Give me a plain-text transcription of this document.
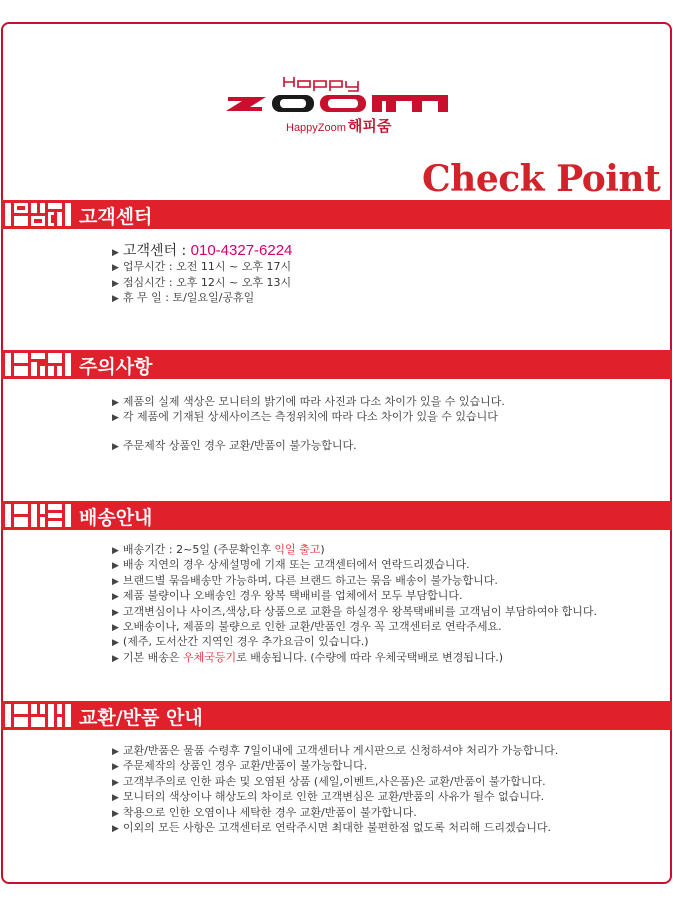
HappyZoom 해피줌
Check Point
고객센터
▶ 고객센터 : 010-4327-6224
▶ 업무시간 : 오전 11시 ~ 오후 17시
▶ 점심시간 : 오후 12시 ~ 오후 13시
▶ 휴 무 일 : 토/일요일/공휴일
주의사항
▶ 제품의 실제 색상은 모니터의 밝기에 따라 사진과 다소 차이가 있을 수 있습니다.
▶ 각 제품에 기재된 상세사이즈는 측정위치에 따라 다소 차이가 있을 수 있습니다
▶ 주문제작 상품인 경우 교환/반품이 불가능합니다.
배송안내
▶ 배송기간 : 2~5일 (주문확인후 익일 출고)
▶ 배송 지연의 경우 상세설명에 기재 또는 고객센터에서 연락드리겠습니다.
▶ 브랜드별 묶음배송만 가능하며, 다른 브랜드 하고는 묶음 배송이 불가능합니다.
▶ 제품 불량이나 오배송인 경우 왕복 택배비를 업체에서 모두 부담합니다.
▶ 고객변심이나 사이즈,색상,타 상품으로 교환을 하실경우 왕복택배비를 고객님이 부담하여야 합니다.
▶ 오배송이나, 제품의 불량으로 인한 교환/반품인 경우 꼭 고객센터로 연락주세요.
▶ (제주, 도서산간 지역인 경우 추가요금이 있습니다.)
▶ 기본 배송은 우체국등기로 배송됩니다. (수량에 따라 우체국택배로 변경됩니다.)
교환/반품 안내
▶ 교환/반품은 물품 수령후 7일이내에 고객센터나 게시판으로 신청하셔야 처리가 가능합니다.
▶ 주문제작의 상품인 경우 교환/반품이 불가능합니다.
▶ 고객부주의로 인한 파손 및 오염된 상품 (세일,이벤트,사은품)은 교환/반품이 불가합니다.
▶ 모니터의 색상이나 해상도의 차이로 인한 고객변심은 교환/반품의 사유가 될수 없습니다.
▶ 착용으로 인한 오염이나 세탁한 경우 교환/반품이 불가합니다.
▶ 이외의 모든 사항은 고객센터로 연락주시면 최대한 불편한점 없도록 처리해 드리겠습니다.
